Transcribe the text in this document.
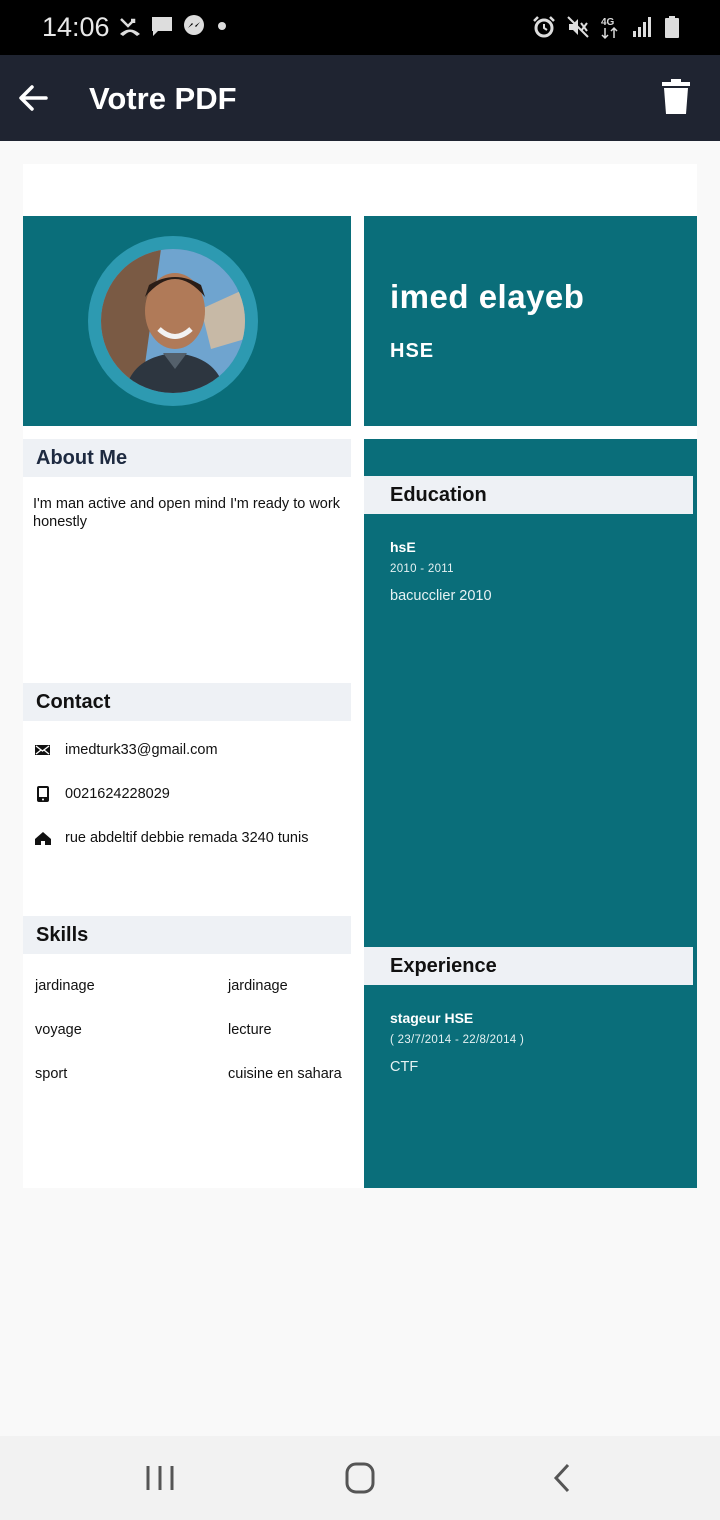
14:06	4G
Votre PDF
imed elayeb
HSE
About Me
I'm man active and open mind I'm ready to work honestly
Contact
imedturk33@gmail.com
0021624228029
rue abdeltif debbie remada 3240 tunis
Skills
jardinage	jardinage
voyage	lecture
sport	cuisine en sahara
Education
hsE
2010 - 2011
bacucclier 2010
Experience
stageur HSE
( 23/7/2014 - 22/8/2014 )
CTF
